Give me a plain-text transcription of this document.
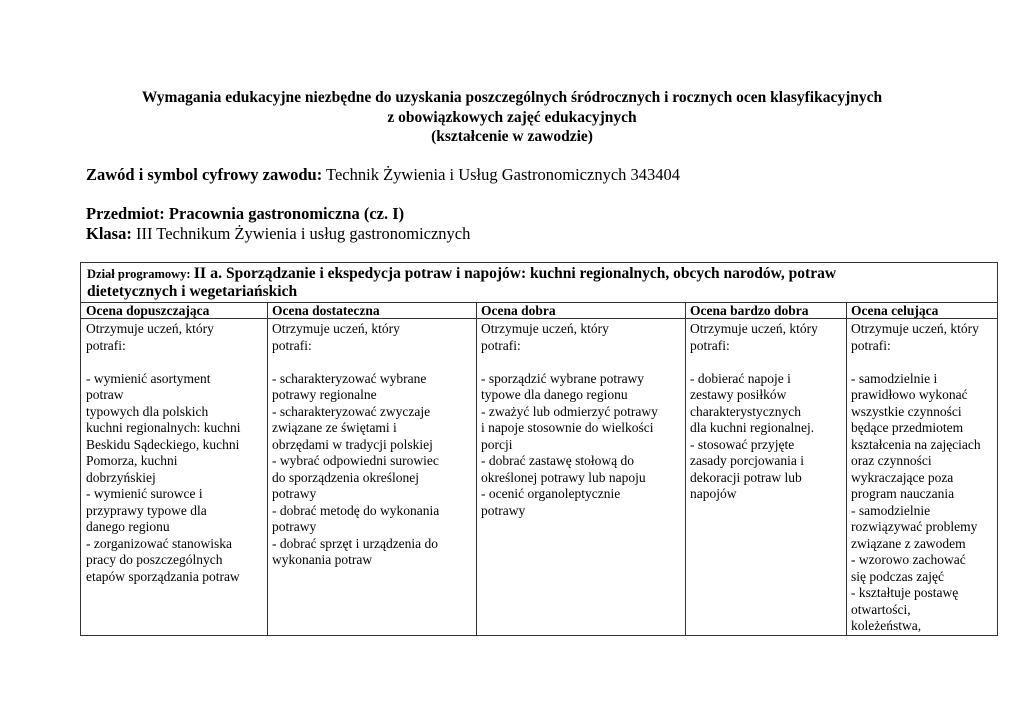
Wymagania edukacyjne niezbędne do uzyskania poszczególnych śródrocznych i rocznych ocen klasyfikacyjnych
z obowiązkowych zajęć edukacyjnych
(kształcenie w zawodzie)
Zawód i symbol cyfrowy zawodu: Technik Żywienia i Usług Gastronomicznych 343404
Przedmiot: Pracownia gastronomiczna (cz. I)
Klasa: III Technikum Żywienia i usług gastronomicznych
Dział programowy: II a. Sporządzanie i ekspedycja potraw i napojów: kuchni regionalnych, obcych narodów, potraw
dietetycznych i wegetariańskich
Ocena dopuszczająca	Ocena dostateczna	Ocena dobra	Ocena bardzo dobra	Ocena celująca
Otrzymuje uczeń, który
potrafi:

- wymienić asortyment
potraw
typowych dla polskich
kuchni regionalnych: kuchni
Beskidu Sądeckiego, kuchni
Pomorza, kuchni
dobrzyńskiej
- wymienić surowce i
przyprawy typowe dla
danego regionu
- zorganizować stanowiska
pracy do poszczególnych
etapów sporządzania potraw
Otrzymuje uczeń, który
potrafi:

- scharakteryzować wybrane
potrawy regionalne
- scharakteryzować zwyczaje
związane ze świętami i
obrzędami w tradycji polskiej
- wybrać odpowiedni surowiec
do sporządzenia określonej
potrawy
- dobrać metodę do wykonania
potrawy
- dobrać sprzęt i urządzenia do
wykonania potraw
Otrzymuje uczeń, który
potrafi:

- sporządzić wybrane potrawy
typowe dla danego regionu
- zważyć lub odmierzyć potrawy
i napoje stosownie do wielkości
porcji
- dobrać zastawę stołową do
określonej potrawy lub napoju
- ocenić organoleptycznie
potrawy
Otrzymuje uczeń, który
potrafi:

- dobierać napoje i
zestawy posiłków
charakterystycznych
dla kuchni regionalnej.
- stosować przyjęte
zasady porcjowania i
dekoracji potraw lub
napojów
Otrzymuje uczeń, który
potrafi:

- samodzielnie i
prawidłowo wykonać
wszystkie czynności
będące przedmiotem
kształcenia na zajęciach
oraz czynności
wykraczające poza
program nauczania
- samodzielnie
rozwiązywać problemy
związane z zawodem
- wzorowo zachować
się podczas zajęć
- kształtuje postawę
otwartości,
koleżeństwa,
